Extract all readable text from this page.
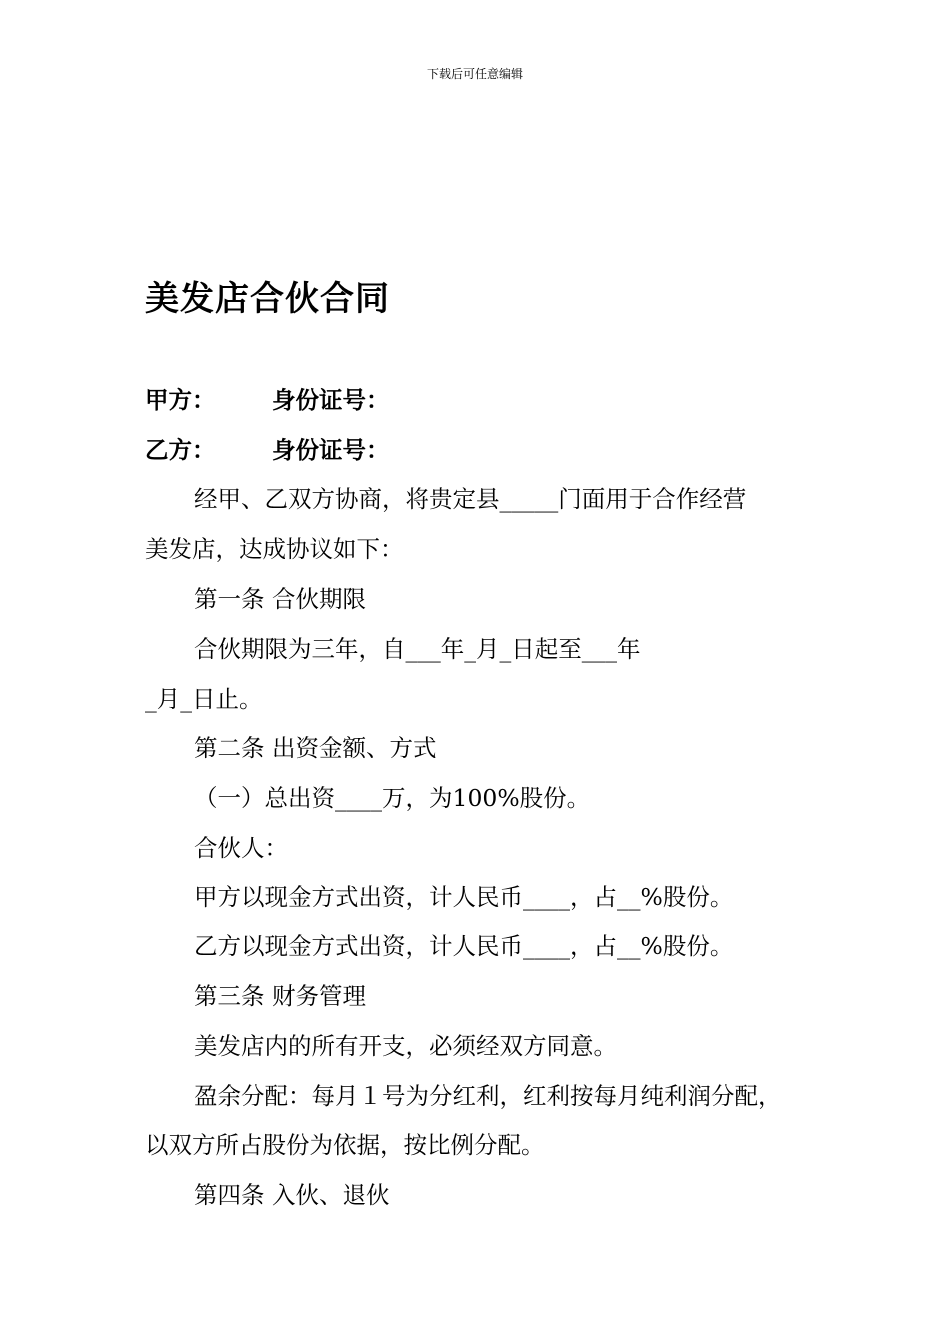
下载后可任意编辑
美发店合伙合同
甲方： 身份证号：
乙方： 身份证号：
经甲、乙双方协商，将贵定县_____门面用于合作经营
美发店，达成协议如下：
第一条 合伙期限
合伙期限为三年，自___年_月_日起至___年
_月_日止。
第二条 出资金额、方式
（一）总出资____万，为100%股份。
合伙人：
甲方以现金方式出资，计人民币____，占__%股份。
乙方以现金方式出资，计人民币____，占__%股份。
第三条 财务管理
美发店内的所有开支，必须经双方同意。
盈余分配：每月１号为分红利，红利按每月纯利润分配，
以双方所占股份为依据，按比例分配。
第四条 入伙、退伙
